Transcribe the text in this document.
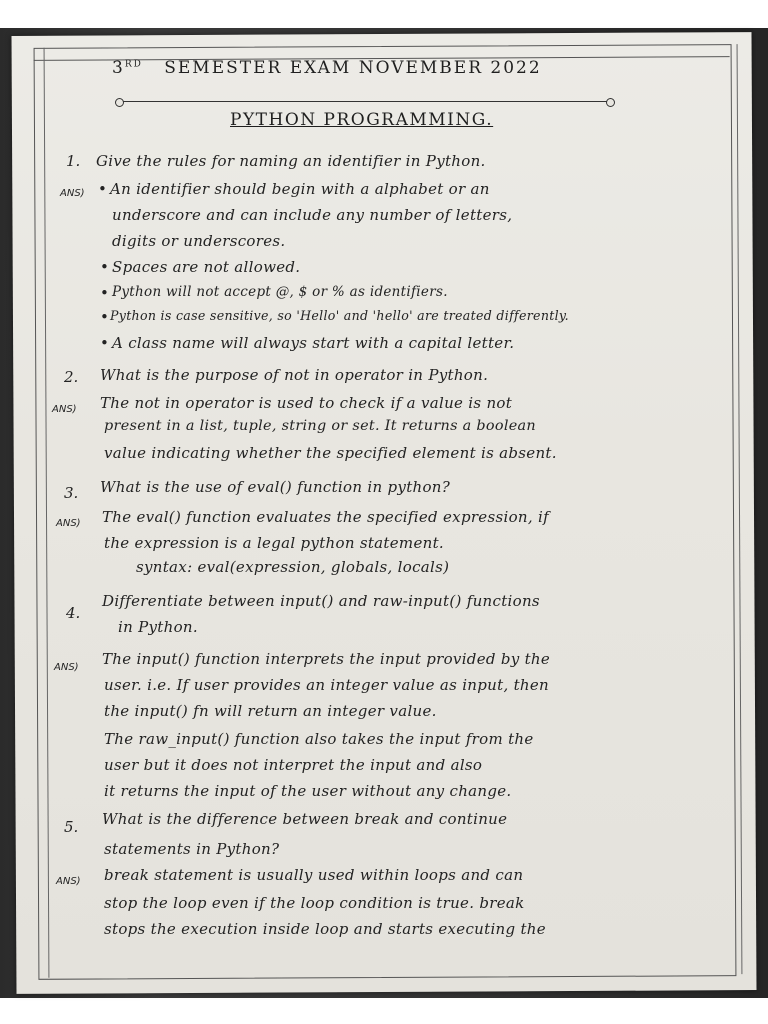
3RD SEMESTER EXAM NOVEMBER 2022
PYTHON PROGRAMMING.
1. Give the rules for naming an identifier in Python.
ANS) • An identifier should begin with a alphabet or an
underscore and can include any number of letters,
digits or underscores.
• Spaces are not allowed.
• Python will not accept @, $ or % as identifiers.
• Python is case sensitive, so 'Hello' and 'hello' are treated differently.
• A class name will always start with a capital letter.
2. What is the purpose of not in operator in Python.
ANS) The not in operator is used to check if a value is not
present in a list, tuple, string or set. It returns a boolean
value indicating whether the specified element is absent.
3. What is the use of eval() function in python?
ANS) The eval() function evaluates the specified expression, if
the expression is a legal python statement.
syntax: eval(expression, globals, locals)
4.
Differentiate between input() and raw-input() functions
in Python.
ANS) The input() function interprets the input provided by the
user. i.e. If user provides an integer value as input, then
the input() fn will return an integer value.
The raw_input() function also takes the input from the
user but it does not interpret the input and also
it returns the input of the user without any change.
5. What is the difference between break and continue
statements in Python?
ANS) break statement is usually used within loops and can
stop the loop even if the loop condition is true. break
stops the execution inside loop and starts executing the
